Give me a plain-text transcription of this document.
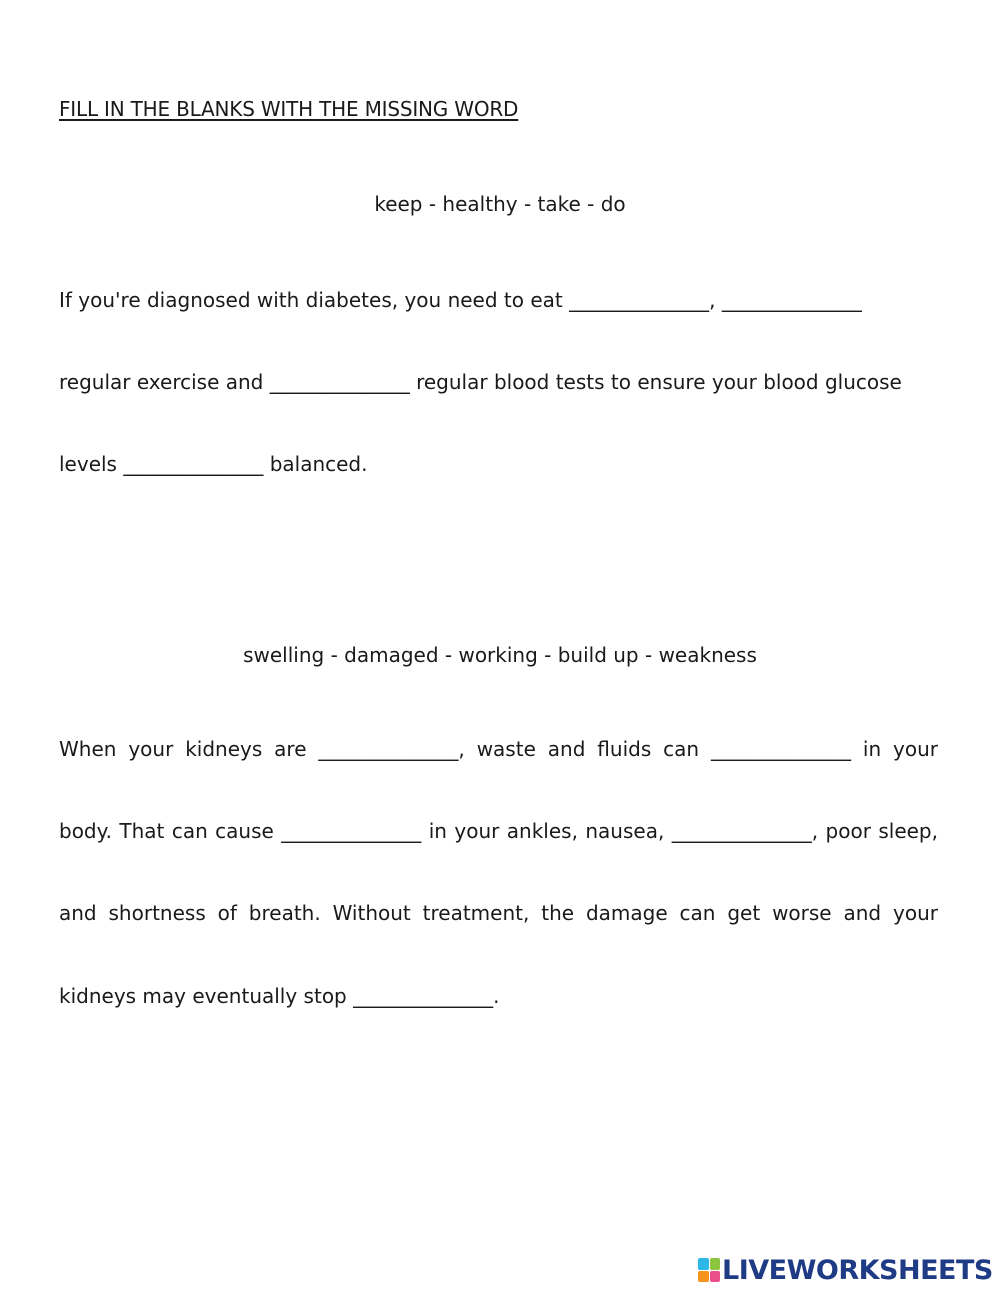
FILL IN THE BLANKS WITH THE MISSING WORD
keep - healthy - take - do
If you're diagnosed with diabetes, you need to eat ______________, ______________
regular exercise and ______________ regular blood tests to ensure your blood glucose
levels ______________ balanced.
swelling - damaged - working - build up - weakness
When your kidneys are ______________, waste and fluids can ______________ in your
body. That can cause ______________ in your ankles, nausea, ______________, poor sleep,
and shortness of breath. Without treatment, the damage can get worse and your
kidneys may eventually stop ______________.
LIVEWORKSHEETS
